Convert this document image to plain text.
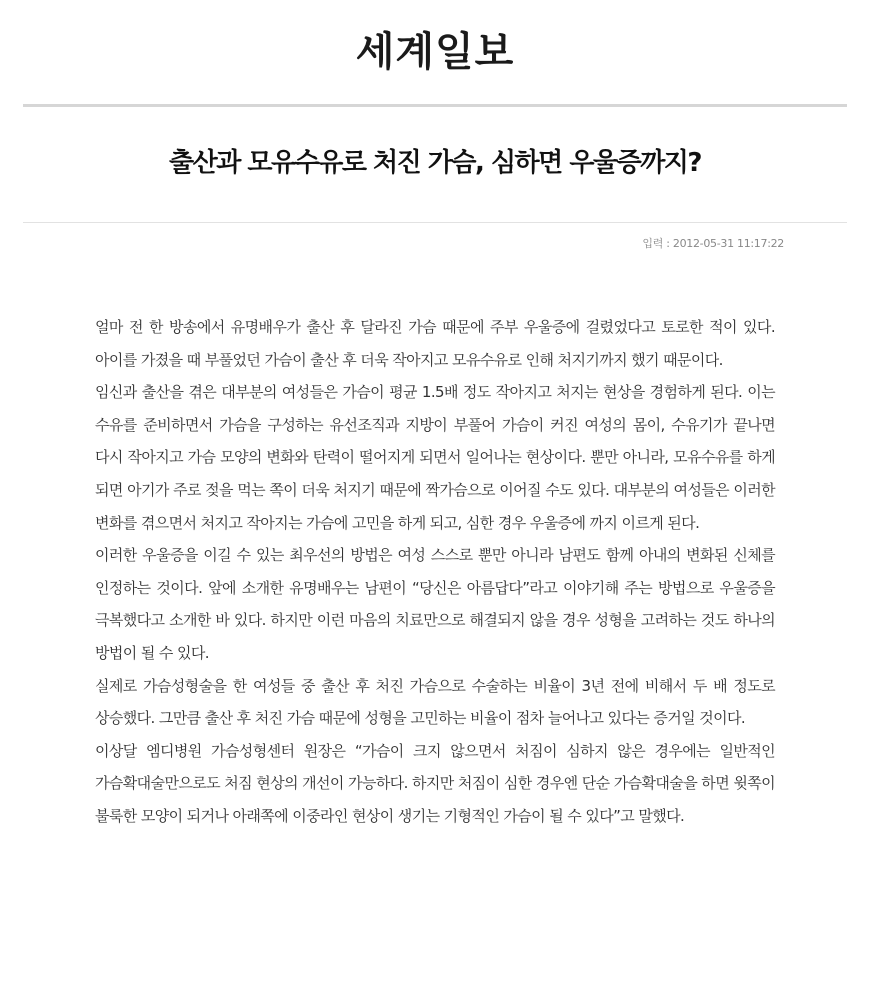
세계일보
출산과 모유수유로 처진 가슴, 심하면 우울증까지?
입력 : 2012-05-31 11:17:22

얼마 전 한 방송에서 유명배우가 출산 후 달라진 가슴 때문에 주부 우울증에 걸렸었다고 토로한 적이 있다. 아이를 가졌을 때 부풀었던 가슴이 출산 후 더욱 작아지고 모유수유로 인해 처지기까지 했기 때문이다.

임신과 출산을 겪은 대부분의 여성들은 가슴이 평균 1.5배 정도 작아지고 처지는 현상을 경험하게 된다. 이는 수유를 준비하면서 가슴을 구성하는 유선조직과 지방이 부풀어 가슴이 커진 여성의 몸이, 수유기가 끝나면 다시 작아지고 가슴 모양의 변화와 탄력이 떨어지게 되면서 일어나는 현상이다. 뿐만 아니라, 모유수유를 하게 되면 아기가 주로 젖을 먹는 쪽이 더욱 처지기 때문에 짝가슴으로 이어질 수도 있다. 대부분의 여성들은 이러한 변화를 겪으면서 처지고 작아지는 가슴에 고민을 하게 되고, 심한 경우 우울증에 까지 이르게 된다.

이러한 우울증을 이길 수 있는 최우선의 방법은 여성 스스로 뿐만 아니라 남편도 함께 아내의 변화된 신체를 인정하는 것이다. 앞에 소개한 유명배우는 남편이 “당신은 아름답다”라고 이야기해 주는 방법으로 우울증을 극복했다고 소개한 바 있다. 하지만 이런 마음의 치료만으로 해결되지 않을 경우 성형을 고려하는 것도 하나의 방법이 될 수 있다.

실제로 가슴성형술을 한 여성들 중 출산 후 처진 가슴으로 수술하는 비율이 3년 전에 비해서 두 배 정도로 상승했다. 그만큼 출산 후 처진 가슴 때문에 성형을 고민하는 비율이 점차 늘어나고 있다는 증거일 것이다.

이상달 엠디병원 가슴성형센터 원장은 “가슴이 크지 않으면서 처짐이 심하지 않은 경우에는 일반적인 가슴확대술만으로도 처짐 현상의 개선이 가능하다. 하지만 처짐이 심한 경우엔 단순 가슴확대술을 하면 윗쪽이 불룩한 모양이 되거나 아래쪽에 이중라인 현상이 생기는 기형적인 가슴이 될 수 있다”고 말했다.
